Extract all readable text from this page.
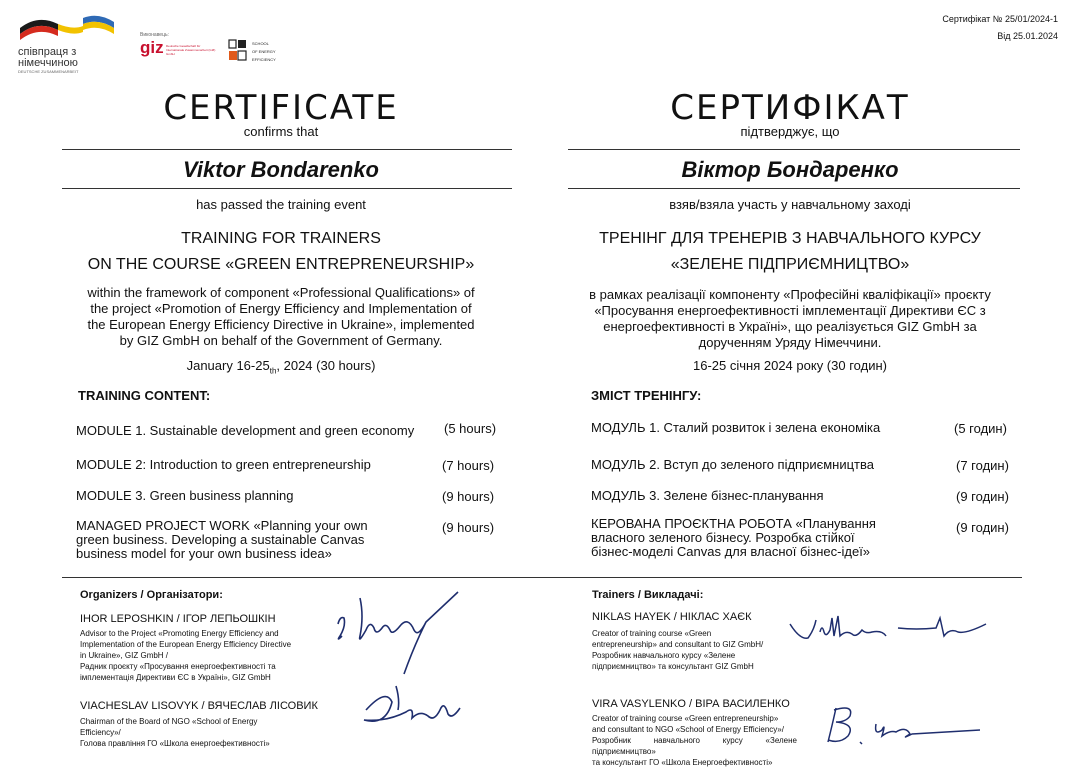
співпраця з
німеччиною
DEUTSCHE ZUSAMMENARBEIT
Виконавець:
giz Deutsche Gesellschaft für Internationale Zusammenarbeit (GIZ) GmbH
SCHOOL
OF ENERGY
EFFICIENCY
Сертифікат № 25/01/2024-1
Від 25.01.2024
CERTIFICATE
confirms that
Viktor Bondarenko
has passed the training event
TRAINING FOR TRAINERS
ON THE COURSE «GREEN ENTREPRENEURSHIP»
within the framework of component «Professional Qualifications» of
the project «Promotion of Energy Efficiency and Implementation of
the European Energy Efficiency Directive in Ukraine», implemented
by GIZ GmbH on behalf of the Government of Germany.
January $16-25_{th}$, 2024 (30 hours)
TRAINING CONTENT:
MODULE 1. Sustainable development and green economy (5 hours)
MODULE 2: Introduction to green entrepreneurship	(7 hours)
MODULE 3. Green business planning	(9 hours)
MANAGED PROJECT WORK «Planning your own
green business. Developing a sustainable Canvas
business model for your own business idea»
(9 hours)
СЕРТИФІКАТ
підтверджує, що
Віктор Бондаренко
взяв/взяла участь у навчальному заході
ТРЕНІНГ ДЛЯ ТРЕНЕРІВ З НАВЧАЛЬНОГО КУРСУ
«ЗЕЛЕНЕ ПІДПРИЄМНИЦТВО»
в рамках реалізації компоненту «Професійні кваліфікації» проєкту
«Просування енергоефективності імплементації Директиви ЄС з
енергоефективності в Україні», що реалізується GIZ GmbH за
дорученням Уряду Німеччини.
16-25 січня 2024 року (30 годин)
ЗМІСТ ТРЕНІНГУ:
МОДУЛЬ 1. Сталий розвиток і зелена економіка	(5 годин)
МОДУЛЬ 2. Вступ до зеленого підприємництва	(7 годин)
МОДУЛЬ 3. Зелене бізнес-планування	(9 годин)
КЕРОВАНА ПРОЄКТНА РОБОТА «Планування
власного зеленого бізнесу. Розробка стійкої
бізнес-моделі Canvas для власної бізнес-ідеї»
(9 годин)
Organizers / Організатори:
IHOR LEPOSHKIN / ІГОР ЛЕПЬОШКІН
Advisor to the Project «Promoting Energy Efficiency and
Implementation of the European Energy Efficiency Directive
in Ukraine», GIZ GmbH /
Радник проєкту «Просування енергоефективності та
імплементація Директиви ЄС в Україні», GIZ GmbH
VIACHESLAV LISOVYK / ВЯЧЕСЛАВ ЛІСОВИК
Chairman of the Board of NGO «School of Energy
Efficiency»/
Голова правління ГО «Школа енергоефективності»
Trainers / Викладачі:
NIKLAS HAYEK / НІКЛАС ХАЄК
Creator of training course «Green
entrepreneurship» and consultant to GIZ GmbH/
Розробник навчального курсу «Зелене
підприємництво» та консультант GIZ GmbH
VIRA VASYLENKO / ВІРА ВАСИЛЕНКО
Creator of training course «Green entrepreneurship»
and consultant to NGO «School of Energy Efficiency»/
Розробник навчального курсу «Зелене підприємництво»
та консультант ГО «Школа Енергоефективності»
